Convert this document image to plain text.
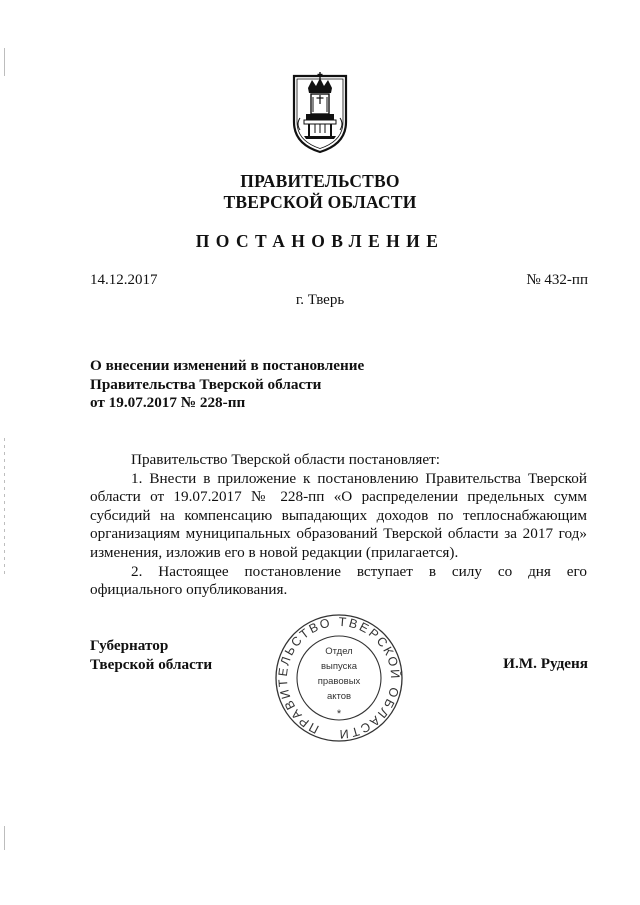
ПРАВИТЕЛЬСТВО
ТВЕРСКОЙ ОБЛАСТИ
ПОСТАНОВЛЕНИЕ
14.12.2017	№ 432-пп
г. Тверь
О внесении изменений в постановление
Правительства Тверской области
от 19.07.2017 № 228-пп

Правительство Тверской области постановляет:

1. Внести в приложение к постановлению Правительства Тверской

области от 19.07.2017 № 228-пп «О распределении предельных сумм

субсидий на компенсацию выпадающих доходов по теплоснабжающим

организациям муниципальных образований Тверской области за 2017 год»

изменения, изложив его в новой редакции (прилагается).

2. Настоящее постановление вступает в силу со дня его

официального опубликования.

Губернатор
Тверской области	И.М. Руденя
ПРАВИТЕЛЬСТВО ТВЕРСКОЙ ОБЛАСТИ
Отдел
выпуска
правовых
актов
*
